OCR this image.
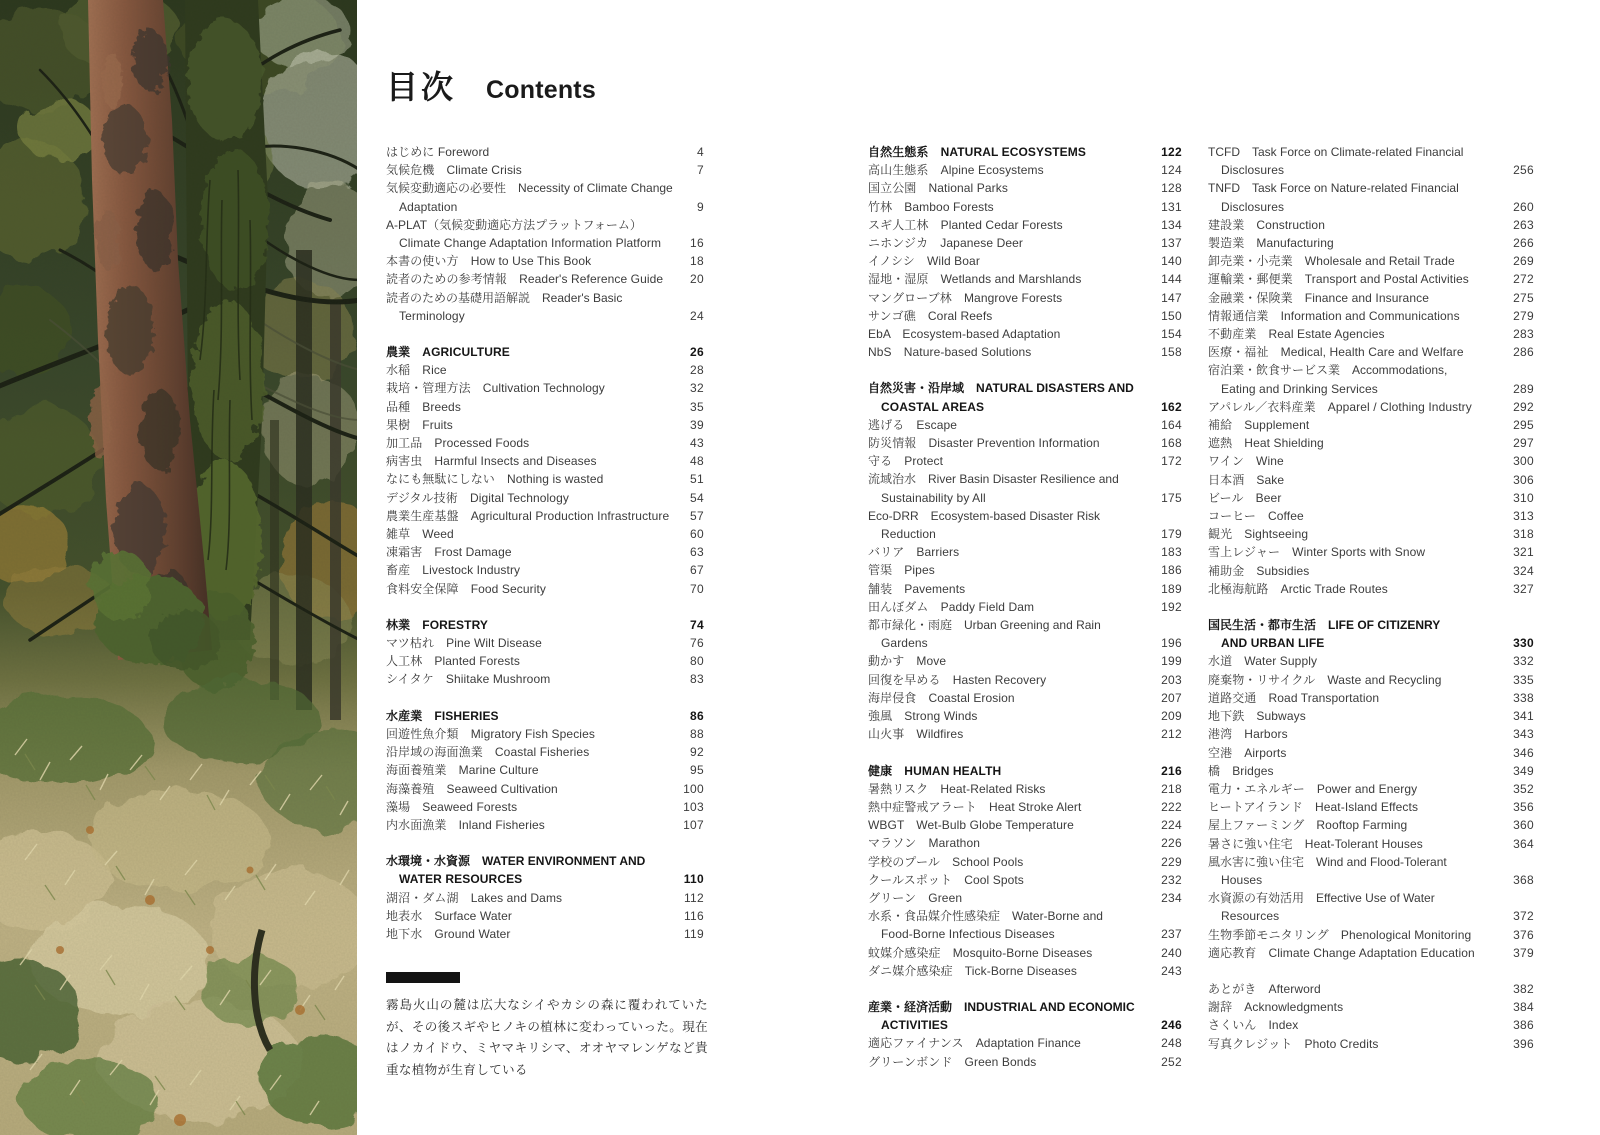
目次 Contents
はじめに Foreword	4
気候危機　Climate Crisis	7
気候変動適応の必要性　Necessity of Climate Change
Adaptation	9
A-PLAT（気候変動適応方法プラットフォーム）
Climate Change Adaptation Information Platform	16
本書の使い方　How to Use This Book	18
読者のための参考情報　Reader's Reference Guide	20
読者のための基礎用語解説　Reader's Basic
Terminology	24
農業　AGRICULTURE	26
水稲　Rice	28
栽培・管理方法　Cultivation Technology	32
品種　Breeds	35
果樹　Fruits	39
加工品　Processed Foods	43
病害虫　Harmful Insects and Diseases	48
なにも無駄にしない　Nothing is wasted	51
デジタル技術　Digital Technology	54
農業生産基盤　Agricultural Production Infrastructure	57
雑草　Weed	60
凍霜害　Frost Damage	63
畜産　Livestock Industry	67
食料安全保障　Food Security	70
林業　FORESTRY	74
マツ枯れ　Pine Wilt Disease	76
人工林　Planted Forests	80
シイタケ　Shiitake Mushroom	83
水産業　FISHERIES	86
回遊性魚介類　Migratory Fish Species	88
沿岸域の海面漁業　Coastal Fisheries	92
海面養殖業　Marine Culture	95
海藻養殖　Seaweed Cultivation	100
藻場　Seaweed Forests	103
内水面漁業　Inland Fisheries	107
水環境・水資源　WATER ENVIRONMENT AND
WATER RESOURCES	110
湖沼・ダム湖　Lakes and Dams	112
地表水　Surface Water	116
地下水　Ground Water	119
自然生態系　NATURAL ECOSYSTEMS	122
高山生態系　Alpine Ecosystems	124
国立公園　National Parks	128
竹林　Bamboo Forests	131
スギ人工林　Planted Cedar Forests	134
ニホンジカ　Japanese Deer	137
イノシシ　Wild Boar	140
湿地・湿原　Wetlands and Marshlands	144
マングローブ林　Mangrove Forests	147
サンゴ礁　Coral Reefs	150
EbA　Ecosystem-based Adaptation	154
NbS　Nature-based Solutions	158
自然災害・沿岸域　NATURAL DISASTERS AND
COASTAL AREAS	162
逃げる　Escape	164
防災情報　Disaster Prevention Information	168
守る　Protect	172
流域治水　River Basin Disaster Resilience and
Sustainability by All	175
Eco-DRR　Ecosystem-based Disaster Risk
Reduction	179
バリア　Barriers	183
管渠　Pipes	186
舗装　Pavements	189
田んぼダム　Paddy Field Dam	192
都市緑化・雨庭　Urban Greening and Rain
Gardens	196
動かす　Move	199
回復を早める　Hasten Recovery	203
海岸侵食　Coastal Erosion	207
強風　Strong Winds	209
山火事　Wildfires	212
健康　HUMAN HEALTH	216
暑熱リスク　Heat-Related Risks	218
熱中症警戒アラート　Heat Stroke Alert	222
WBGT　Wet-Bulb Globe Temperature	224
マラソン　Marathon	226
学校のプール　School Pools	229
クールスポット　Cool Spots	232
グリーン　Green	234
水系・食品媒介性感染症　Water-Borne and
Food-Borne Infectious Diseases	237
蚊媒介感染症　Mosquito-Borne Diseases	240
ダニ媒介感染症　Tick-Borne Diseases	243
産業・経済活動　INDUSTRIAL AND ECONOMIC
ACTIVITIES	246
適応ファイナンス　Adaptation Finance	248
グリーンボンド　Green Bonds	252
TCFD　Task Force on Climate-related Financial
Disclosures	256
TNFD　Task Force on Nature-related Financial
Disclosures	260
建設業　Construction	263
製造業　Manufacturing	266
卸売業・小売業　Wholesale and Retail Trade	269
運輸業・郵便業　Transport and Postal Activities	272
金融業・保険業　Finance and Insurance	275
情報通信業　Information and Communications	279
不動産業　Real Estate Agencies	283
医療・福祉　Medical, Health Care and Welfare	286
宿泊業・飲食サービス業　Accommodations,
Eating and Drinking Services	289
アパレル／衣料産業　Apparel / Clothing Industry	292
補給　Supplement	295
遮熱　Heat Shielding	297
ワイン　Wine	300
日本酒　Sake	306
ビール　Beer	310
コーヒー　Coffee	313
観光　Sightseeing	318
雪上レジャー　Winter Sports with Snow	321
補助金　Subsidies	324
北極海航路　Arctic Trade Routes	327
国民生活・都市生活　LIFE OF CITIZENRY
AND URBAN LIFE	330
水道　Water Supply	332
廃棄物・リサイクル　Waste and Recycling	335
道路交通　Road Transportation	338
地下鉄　Subways	341
港湾　Harbors	343
空港　Airports	346
橋　Bridges	349
電力・エネルギー　Power and Energy	352
ヒートアイランド　Heat-Island Effects	356
屋上ファーミング　Rooftop Farming	360
暑さに強い住宅　Heat-Tolerant Houses	364
風水害に強い住宅　Wind and Flood-Tolerant
Houses	368
水資源の有効活用　Effective Use of Water
Resources	372
生物季節モニタリング　Phenological Monitoring	376
適応教育　Climate Change Adaptation Education	379
あとがき　Afterword	382
謝辞　Acknowledgments	384
さくいん　Index	386
写真クレジット　Photo Credits	396
霧島火山の麓は広大なシイやカシの森に覆われていたが、その後スギやヒノキの植林に変わっていった。現在はノカイドウ、ミヤマキリシマ、オオヤマレンゲなど貴重な植物が生育している
